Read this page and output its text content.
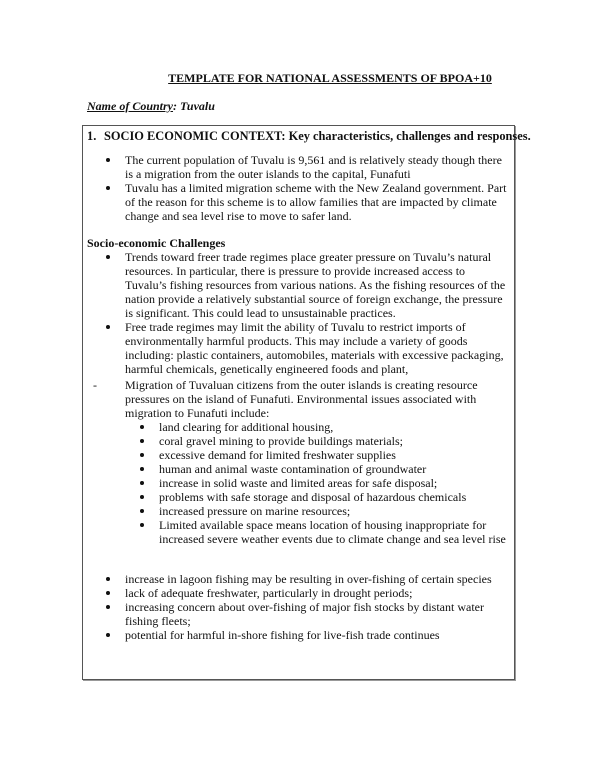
TEMPLATE FOR NATIONAL ASSESSMENTS OF BPOA+10
Name of Country: Tuvalu
1. SOCIO ECONOMIC CONTEXT: Key characteristics, challenges and responses.
The current population of Tuvalu is 9,561 and is relatively steady though there is a migration from the outer islands to the capital, Funafuti
Tuvalu has a limited migration scheme with the New Zealand government. Part of the reason for this scheme is to allow families that are impacted by climate change and sea level rise to move to safer land.
Socio-economic Challenges
Trends toward freer trade regimes place greater pressure on Tuvalu’s natural resources. In particular, there is pressure to provide increased access to Tuvalu’s fishing resources from various nations. As the fishing resources of the nation provide a relatively substantial source of foreign exchange, the pressure is significant. This could lead to unsustainable practices.
Free trade regimes may limit the ability of Tuvalu to restrict imports of environmentally harmful products. This may include a variety of goods including: plastic containers, automobiles, materials with excessive packaging, harmful chemicals, genetically engineered foods and plant,
-	Migration of Tuvaluan citizens from the outer islands is creating resource pressures on the island of Funafuti. Environmental issues associated with migration to Funafuti include:
land clearing for additional housing,
coral gravel mining to provide buildings materials;
excessive demand for limited freshwater supplies
human and animal waste contamination of groundwater
increase in solid waste and limited areas for safe disposal;
problems with safe storage and disposal of hazardous chemicals
increased pressure on marine resources;
Limited available space means location of housing inappropriate for increased severe weather events due to climate change and sea level rise
increase in lagoon fishing may be resulting in over-fishing of certain species
lack of adequate freshwater, particularly in drought periods;
increasing concern about over-fishing of major fish stocks by distant water fishing fleets;
potential for harmful in-shore fishing for live-fish trade continues
